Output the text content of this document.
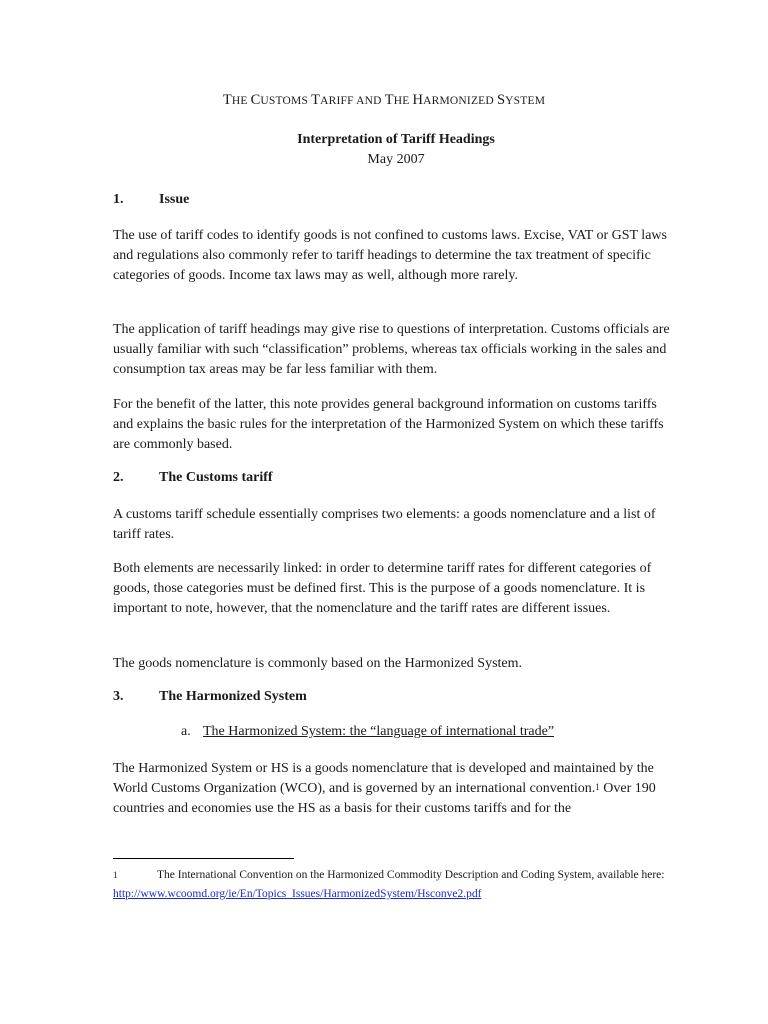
THE CUSTOMS TARIFF AND THE HARMONIZED SYSTEM
Interpretation of Tariff Headings
May 2007
1.	Issue
The use of tariff codes to identify goods is not confined to customs laws. Excise, VAT or GST laws and regulations also commonly refer to tariff headings to determine the tax treatment of specific categories of goods. Income tax laws may as well, although more rarely.
The application of tariff headings may give rise to questions of interpretation. Customs officials are usually familiar with such “classification” problems, whereas tax officials working in the sales and consumption tax areas may be far less familiar with them.
For the benefit of the latter, this note provides general background information on customs tariffs and explains the basic rules for the interpretation of the Harmonized System on which these tariffs are commonly based.
2.	The Customs tariff
A customs tariff schedule essentially comprises two elements: a goods nomenclature and a list of tariff rates.
Both elements are necessarily linked: in order to determine tariff rates for different categories of goods, those categories must be defined first. This is the purpose of a goods nomenclature. It is important to note, however, that the nomenclature and the tariff rates are different issues.
The goods nomenclature is commonly based on the Harmonized System.
3.	The Harmonized System
a. The Harmonized System: the “language of international trade”
The Harmonized System or HS is a goods nomenclature that is developed and maintained by the World Customs Organization (WCO), and is governed by an international convention.$^1$ Over 190 countries and economies use the HS as a basis for their customs tariffs and for the
1	The International Convention on the Harmonized Commodity Description and Coding System, available here: http://www.wcoomd.org/ie/En/Topics_Issues/HarmonizedSystem/Hsconve2.pdf
